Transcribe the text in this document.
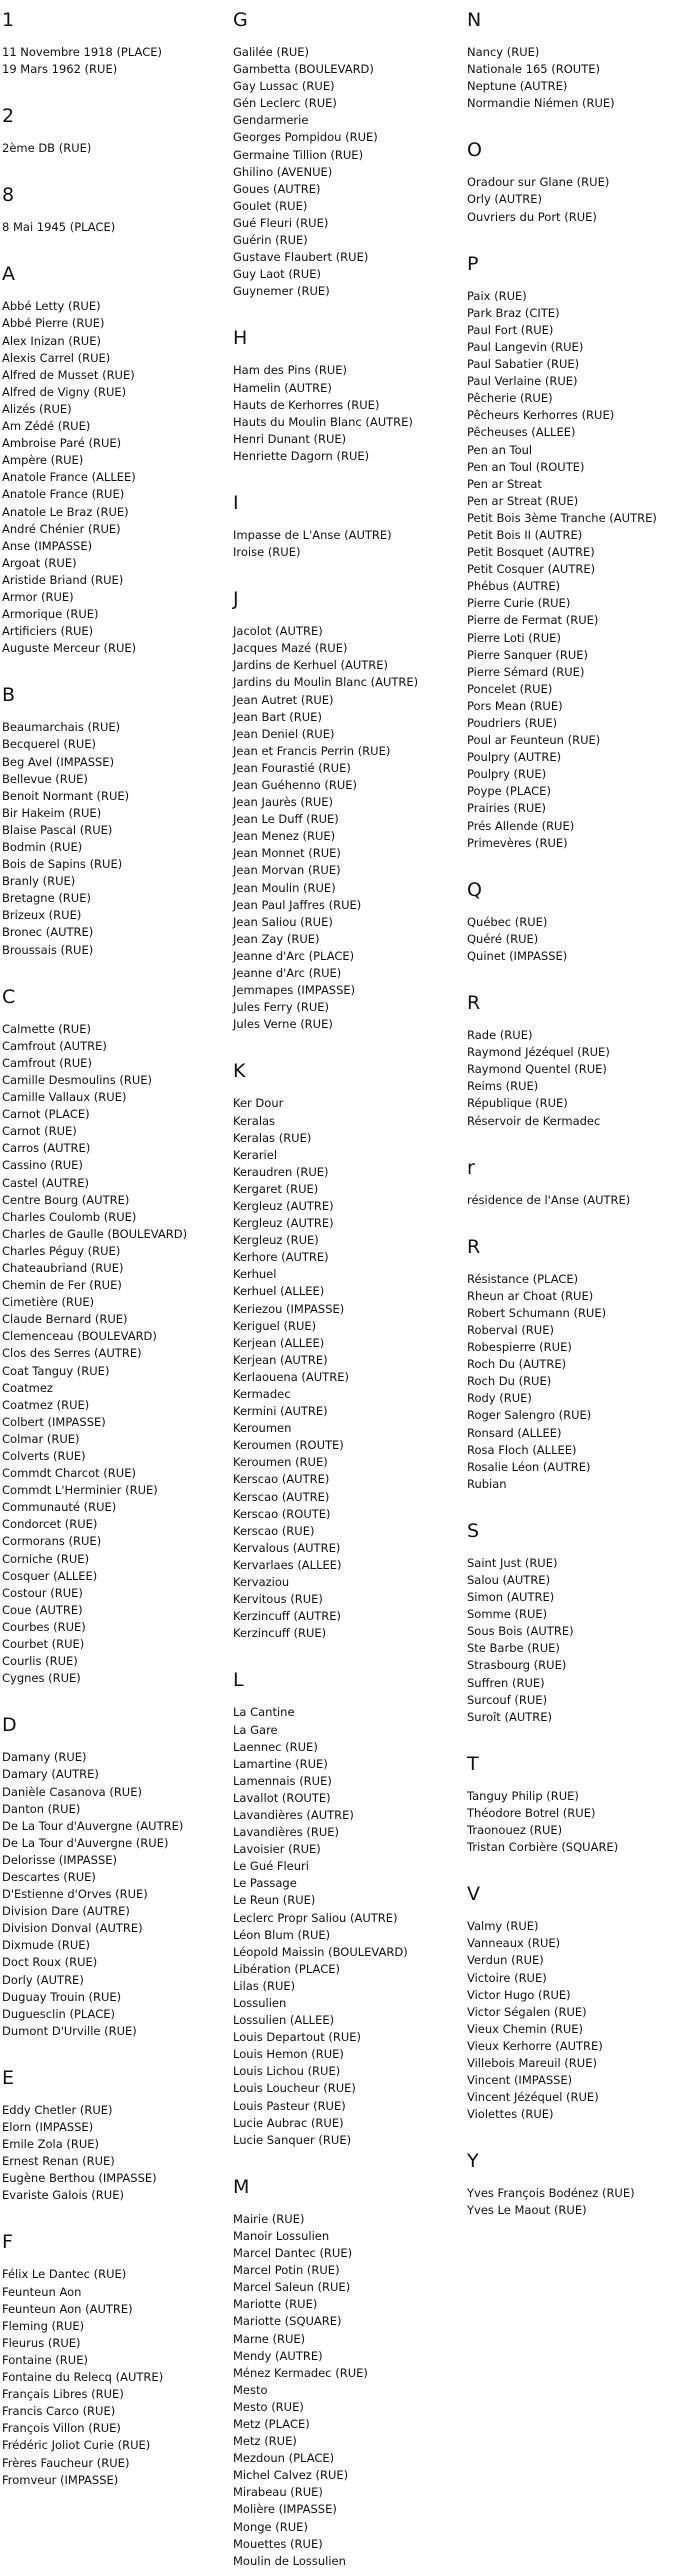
1
11 Novembre 1918 (PLACE)
19 Mars 1962 (RUE)
2
2ème DB (RUE)
8
8 Mai 1945 (PLACE)
A
Abbé Letty (RUE)
Abbé Pierre (RUE)
Alex Inizan (RUE)
Alexis Carrel (RUE)
Alfred de Musset (RUE)
Alfred de Vigny (RUE)
Alizés (RUE)
Am Zédé (RUE)
Ambroise Paré (RUE)
Ampère (RUE)
Anatole France (ALLEE)
Anatole France (RUE)
Anatole Le Braz (RUE)
André Chénier (RUE)
Anse (IMPASSE)
Argoat (RUE)
Aristide Briand (RUE)
Armor (RUE)
Armorique (RUE)
Artificiers (RUE)
Auguste Merceur (RUE)
B
Beaumarchais (RUE)
Becquerel (RUE)
Beg Avel (IMPASSE)
Bellevue (RUE)
Benoit Normant (RUE)
Bir Hakeim (RUE)
Blaise Pascal (RUE)
Bodmin (RUE)
Bois de Sapins (RUE)
Branly (RUE)
Bretagne (RUE)
Brizeux (RUE)
Bronec (AUTRE)
Broussais (RUE)
C
Calmette (RUE)
Camfrout (AUTRE)
Camfrout (RUE)
Camille Desmoulins (RUE)
Camille Vallaux (RUE)
Carnot (PLACE)
Carnot (RUE)
Carros (AUTRE)
Cassino (RUE)
Castel (AUTRE)
Centre Bourg (AUTRE)
Charles Coulomb (RUE)
Charles de Gaulle (BOULEVARD)
Charles Péguy (RUE)
Chateaubriand (RUE)
Chemin de Fer (RUE)
Cimetière (RUE)
Claude Bernard (RUE)
Clemenceau (BOULEVARD)
Clos des Serres (AUTRE)
Coat Tanguy (RUE)
Coatmez
Coatmez (RUE)
Colbert (IMPASSE)
Colmar (RUE)
Colverts (RUE)
Commdt Charcot (RUE)
Commdt L'Herminier (RUE)
Communauté (RUE)
Condorcet (RUE)
Cormorans (RUE)
Corniche (RUE)
Cosquer (ALLEE)
Costour (RUE)
Coue (AUTRE)
Courbes (RUE)
Courbet (RUE)
Courlis (RUE)
Cygnes (RUE)
D
Damany (RUE)
Damary (AUTRE)
Danièle Casanova (RUE)
Danton (RUE)
De La Tour d'Auvergne (AUTRE)
De La Tour d'Auvergne (RUE)
Delorisse (IMPASSE)
Descartes (RUE)
D'Estienne d'Orves (RUE)
Division Dare (AUTRE)
Division Donval (AUTRE)
Dixmude (RUE)
Doct Roux (RUE)
Dorly (AUTRE)
Duguay Trouin (RUE)
Duguesclin (PLACE)
Dumont D'Urville (RUE)
E
Eddy Chetler (RUE)
Elorn (IMPASSE)
Emile Zola (RUE)
Ernest Renan (RUE)
Eugène Berthou (IMPASSE)
Evariste Galois (RUE)
F
Félix Le Dantec (RUE)
Feunteun Aon
Feunteun Aon (AUTRE)
Fleming (RUE)
Fleurus (RUE)
Fontaine (RUE)
Fontaine du Relecq (AUTRE)
Français Libres (RUE)
Francis Carco (RUE)
François Villon (RUE)
Frédéric Joliot Curie (RUE)
Frères Faucheur (RUE)
Fromveur (IMPASSE)
G
Galilée (RUE)
Gambetta (BOULEVARD)
Gay Lussac (RUE)
Gén Leclerc (RUE)
Gendarmerie
Georges Pompidou (RUE)
Germaine Tillion (RUE)
Ghilino (AVENUE)
Goues (AUTRE)
Goulet (RUE)
Gué Fleuri (RUE)
Guérin (RUE)
Gustave Flaubert (RUE)
Guy Laot (RUE)
Guynemer (RUE)
H
Ham des Pins (RUE)
Hamelin (AUTRE)
Hauts de Kerhorres (RUE)
Hauts du Moulin Blanc (AUTRE)
Henri Dunant (RUE)
Henriette Dagorn (RUE)
I
Impasse de L'Anse (AUTRE)
Iroise (RUE)
J
Jacolot (AUTRE)
Jacques Mazé (RUE)
Jardins de Kerhuel (AUTRE)
Jardins du Moulin Blanc (AUTRE)
Jean Autret (RUE)
Jean Bart (RUE)
Jean Deniel (RUE)
Jean et Francis Perrin (RUE)
Jean Fourastié (RUE)
Jean Guéhenno (RUE)
Jean Jaurès (RUE)
Jean Le Duff (RUE)
Jean Menez (RUE)
Jean Monnet (RUE)
Jean Morvan (RUE)
Jean Moulin (RUE)
Jean Paul Jaffres (RUE)
Jean Saliou (RUE)
Jean Zay (RUE)
Jeanne d'Arc (PLACE)
Jeanne d'Arc (RUE)
Jemmapes (IMPASSE)
Jules Ferry (RUE)
Jules Verne (RUE)
K
Ker Dour
Keralas
Keralas (RUE)
Kerariel
Keraudren (RUE)
Kergaret (RUE)
Kergleuz (AUTRE)
Kergleuz (AUTRE)
Kergleuz (RUE)
Kerhore (AUTRE)
Kerhuel
Kerhuel (ALLEE)
Keriezou (IMPASSE)
Keriguel (RUE)
Kerjean (ALLEE)
Kerjean (AUTRE)
Kerlaouena (AUTRE)
Kermadec
Kermini (AUTRE)
Keroumen
Keroumen (ROUTE)
Keroumen (RUE)
Kerscao (AUTRE)
Kerscao (AUTRE)
Kerscao (ROUTE)
Kerscao (RUE)
Kervalous (AUTRE)
Kervarlaes (ALLEE)
Kervaziou
Kervitous (RUE)
Kerzincuff (AUTRE)
Kerzincuff (RUE)
L
La Cantine
La Gare
Laennec (RUE)
Lamartine (RUE)
Lamennais (RUE)
Lavallot (ROUTE)
Lavandières (AUTRE)
Lavandières (RUE)
Lavoisier (RUE)
Le Gué Fleuri
Le Passage
Le Reun (RUE)
Leclerc Propr Saliou (AUTRE)
Léon Blum (RUE)
Léopold Maissin (BOULEVARD)
Libération (PLACE)
Lilas (RUE)
Lossulien
Lossulien (ALLEE)
Louis Departout (RUE)
Louis Hemon (RUE)
Louis Lichou (RUE)
Louis Loucheur (RUE)
Louis Pasteur (RUE)
Lucie Aubrac (RUE)
Lucie Sanquer (RUE)
M
Mairie (RUE)
Manoir Lossulien
Marcel Dantec (RUE)
Marcel Potin (RUE)
Marcel Saleun (RUE)
Mariotte (RUE)
Mariotte (SQUARE)
Marne (RUE)
Mendy (AUTRE)
Ménez Kermadec (RUE)
Mesto
Mesto (RUE)
Metz (PLACE)
Metz (RUE)
Mezdoun (PLACE)
Michel Calvez (RUE)
Mirabeau (RUE)
Molière (IMPASSE)
Monge (RUE)
Mouettes (RUE)
Moulin de Lossulien
N
Nancy (RUE)
Nationale 165 (ROUTE)
Neptune (AUTRE)
Normandie Niémen (RUE)
O
Oradour sur Glane (RUE)
Orly (AUTRE)
Ouvriers du Port (RUE)
P
Paix (RUE)
Park Braz (CITE)
Paul Fort (RUE)
Paul Langevin (RUE)
Paul Sabatier (RUE)
Paul Verlaine (RUE)
Pêcherie (RUE)
Pêcheurs Kerhorres (RUE)
Pêcheuses (ALLEE)
Pen an Toul
Pen an Toul (ROUTE)
Pen ar Streat
Pen ar Streat (RUE)
Petit Bois 3ème Tranche (AUTRE)
Petit Bois II (AUTRE)
Petit Bosquet (AUTRE)
Petit Cosquer (AUTRE)
Phébus (AUTRE)
Pierre Curie (RUE)
Pierre de Fermat (RUE)
Pierre Loti (RUE)
Pierre Sanquer (RUE)
Pierre Sémard (RUE)
Poncelet (RUE)
Pors Mean (RUE)
Poudriers (RUE)
Poul ar Feunteun (RUE)
Poulpry (AUTRE)
Poulpry (RUE)
Poype (PLACE)
Prairies (RUE)
Prés Allende (RUE)
Primevères (RUE)
Q
Québec (RUE)
Quéré (RUE)
Quinet (IMPASSE)
R
Rade (RUE)
Raymond Jézéquel (RUE)
Raymond Quentel (RUE)
Reims (RUE)
République (RUE)
Réservoir de Kermadec
r
résidence de l'Anse (AUTRE)
R
Résistance (PLACE)
Rheun ar Choat (RUE)
Robert Schumann (RUE)
Roberval (RUE)
Robespierre (RUE)
Roch Du (AUTRE)
Roch Du (RUE)
Rody (RUE)
Roger Salengro (RUE)
Ronsard (ALLEE)
Rosa Floch (ALLEE)
Rosalie Léon (AUTRE)
Rubian
S
Saint Just (RUE)
Salou (AUTRE)
Simon (AUTRE)
Somme (RUE)
Sous Bois (AUTRE)
Ste Barbe (RUE)
Strasbourg (RUE)
Suffren (RUE)
Surcouf (RUE)
Suroît (AUTRE)
T
Tanguy Philip (RUE)
Théodore Botrel (RUE)
Traonouez (RUE)
Tristan Corbière (SQUARE)
V
Valmy (RUE)
Vanneaux (RUE)
Verdun (RUE)
Victoire (RUE)
Victor Hugo (RUE)
Victor Ségalen (RUE)
Vieux Chemin (RUE)
Vieux Kerhorre (AUTRE)
Villebois Mareuil (RUE)
Vincent (IMPASSE)
Vincent Jézéquel (RUE)
Violettes (RUE)
Y
Yves François Bodénez (RUE)
Yves Le Maout (RUE)
